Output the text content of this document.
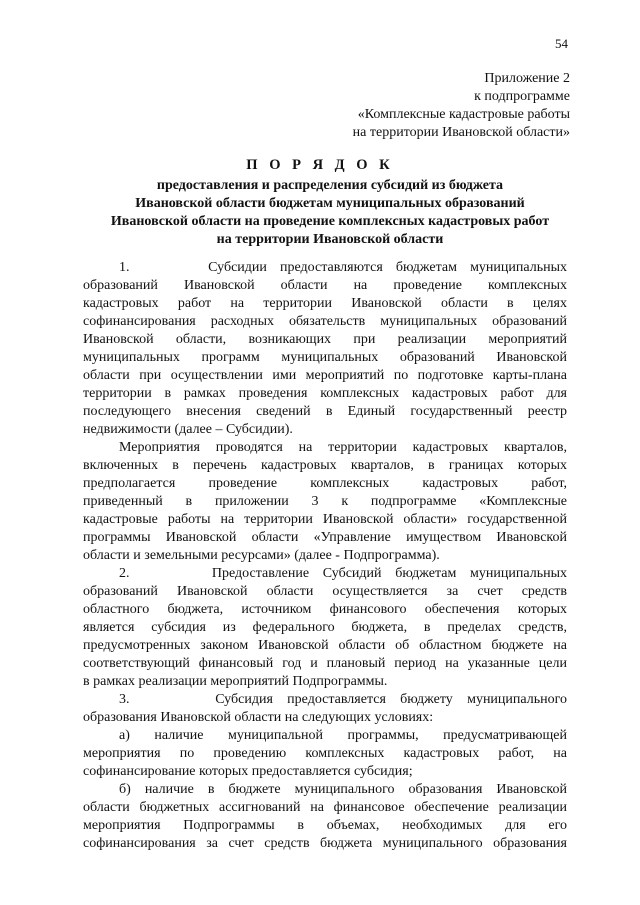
54
Приложение 2
к подпрограмме
«Комплексные кадастровые работы
на территории Ивановской области»
П О Р Я Д О К
предоставления и распределения субсидий из бюджета
Ивановской области бюджетам муниципальных образований
Ивановской области на проведение комплексных кадастровых работ
на территории Ивановской области
1.      Субсидии предоставляются бюджетам муниципальных
образований Ивановской области на проведение комплексных
кадастровых работ на территории Ивановской области в целях
софинансирования расходных обязательств муниципальных образований
Ивановской области, возникающих при реализации мероприятий
муниципальных программ муниципальных образований Ивановской
области при осуществлении ими мероприятий по подготовке карты-плана
территории в рамках проведения комплексных кадастровых работ для
последующего внесения сведений в Единый государственный реестр
недвижимости (далее – Субсидии).
Мероприятия проводятся на территории кадастровых кварталов,
включенных в перечень кадастровых кварталов, в границах которых
предполагается проведение комплексных кадастровых работ,
приведенный в приложении 3 к подпрограмме «Комплексные
кадастровые работы на территории Ивановской области» государственной
программы Ивановской области «Управление имуществом Ивановской
области и земельными ресурсами» (далее - Подпрограмма).
2.      Предоставление Субсидий бюджетам муниципальных
образований Ивановской области осуществляется за счет средств
областного бюджета, источником финансового обеспечения которых
является субсидия из федерального бюджета, в пределах средств,
предусмотренных законом Ивановской области об областном бюджете на
соответствующий финансовый год и плановый период на указанные цели
в рамках реализации мероприятий Подпрограммы.
3.      Субсидия предоставляется бюджету муниципального
образования Ивановской области на следующих условиях:
а) наличие муниципальной программы, предусматривающей
мероприятия по проведению комплексных кадастровых работ, на
софинансирование которых предоставляется субсидия;
б) наличие в бюджете муниципального образования Ивановской
области бюджетных ассигнований на финансовое обеспечение реализации
мероприятия Подпрограммы в объемах, необходимых для его
софинансирования за счет средств бюджета муниципального образования
